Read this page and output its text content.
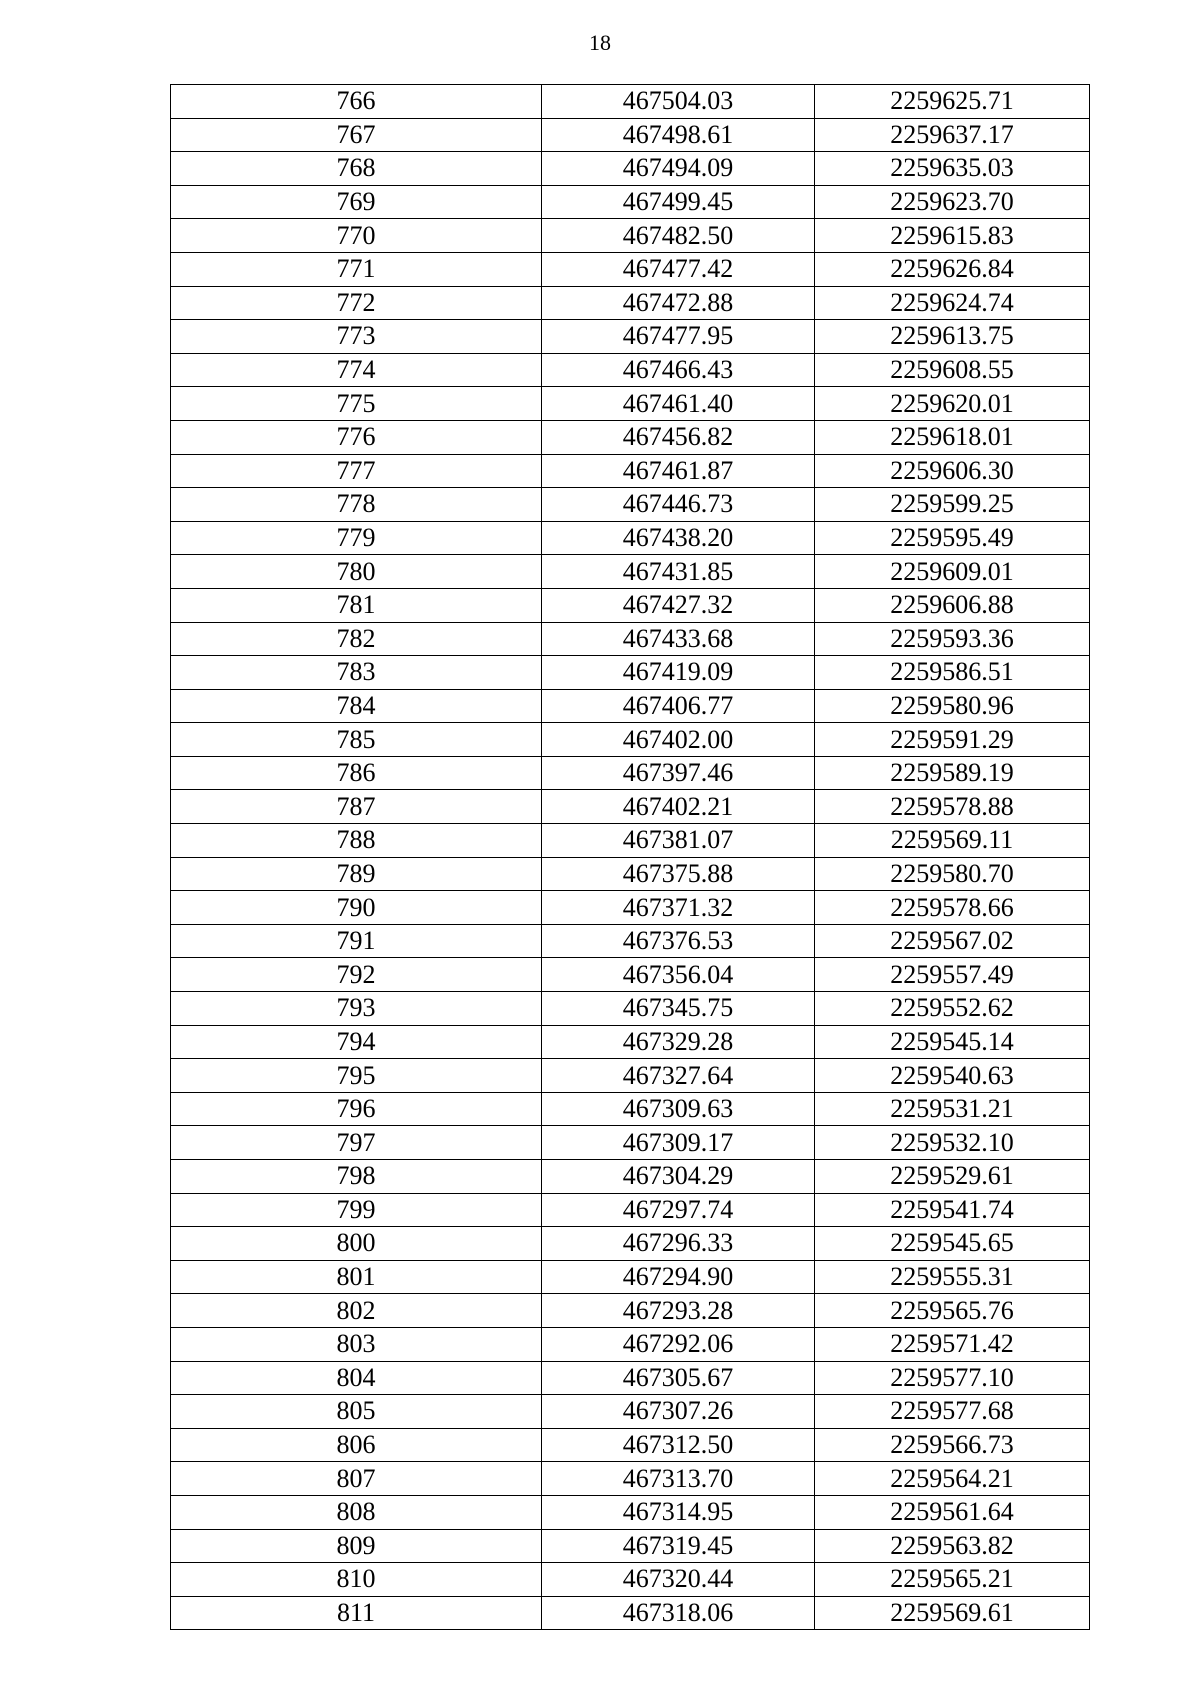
18
766	467504.03	2259625.71
767	467498.61	2259637.17
768	467494.09	2259635.03
769	467499.45	2259623.70
770	467482.50	2259615.83
771	467477.42	2259626.84
772	467472.88	2259624.74
773	467477.95	2259613.75
774	467466.43	2259608.55
775	467461.40	2259620.01
776	467456.82	2259618.01
777	467461.87	2259606.30
778	467446.73	2259599.25
779	467438.20	2259595.49
780	467431.85	2259609.01
781	467427.32	2259606.88
782	467433.68	2259593.36
783	467419.09	2259586.51
784	467406.77	2259580.96
785	467402.00	2259591.29
786	467397.46	2259589.19
787	467402.21	2259578.88
788	467381.07	2259569.11
789	467375.88	2259580.70
790	467371.32	2259578.66
791	467376.53	2259567.02
792	467356.04	2259557.49
793	467345.75	2259552.62
794	467329.28	2259545.14
795	467327.64	2259540.63
796	467309.63	2259531.21
797	467309.17	2259532.10
798	467304.29	2259529.61
799	467297.74	2259541.74
800	467296.33	2259545.65
801	467294.90	2259555.31
802	467293.28	2259565.76
803	467292.06	2259571.42
804	467305.67	2259577.10
805	467307.26	2259577.68
806	467312.50	2259566.73
807	467313.70	2259564.21
808	467314.95	2259561.64
809	467319.45	2259563.82
810	467320.44	2259565.21
811	467318.06	2259569.61
